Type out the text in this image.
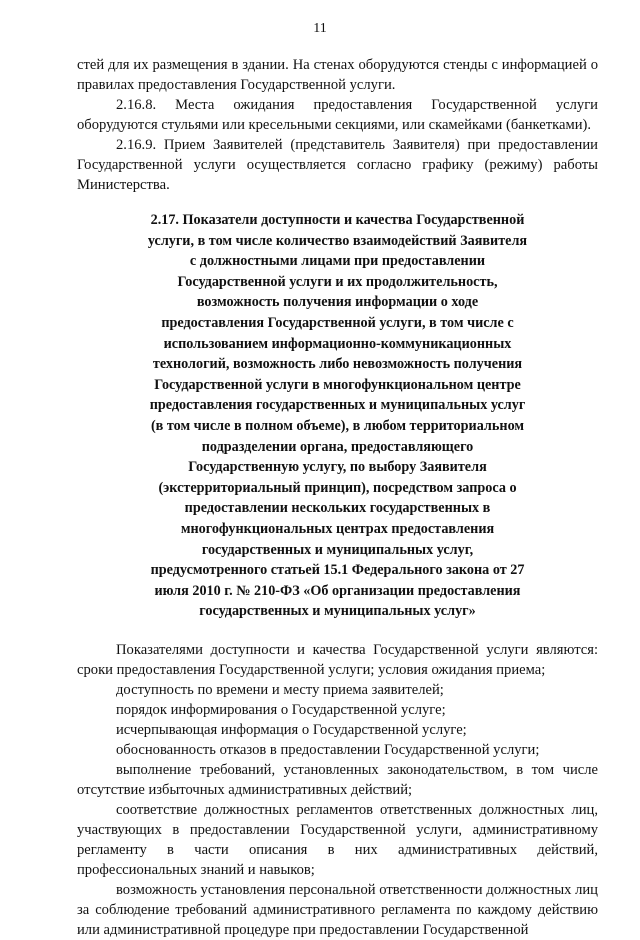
11

стей для их размещения в здании. На стенах оборудуются стенды с информацией о правилах предоставления Государственной услуги.

2.16.8. Места ожидания предоставления Государственной услуги оборудуются стульями или кресельными секциями, или скамейками (банкетками).

2.16.9. Прием Заявителей (представитель Заявителя) при предоставлении Государственной услуги осуществляется согласно графику (режиму) работы Министерства.

2.17. Показатели доступности и качества Государственной услуги, в том числе количество взаимодействий Заявителя с должностными лицами при предоставлении Государственной услуги и их продолжительность, возможность получения информации о ходе предоставления Государственной услуги, в том числе с использованием информационно-коммуникационных технологий, возможность либо невозможность получения Государственной услуги в многофункциональном центре предоставления государственных и муниципальных услуг (в том числе в полном объеме), в любом территориальном подразделении органа, предоставляющего Государственную услугу, по выбору Заявителя (экстерриториальный принцип), посредством запроса о предоставлении нескольких государственных в многофункциональных центрах предоставления государственных и муниципальных услуг, предусмотренного статьей 15.1 Федерального закона от 27 июля 2010 г. № 210-ФЗ «Об организации предоставления государственных и муниципальных услуг»

Показателями доступности и качества Государственной услуги являются: сроки предоставления Государственной услуги; условия ожидания приема;

доступность по времени и месту приема заявителей;

порядок информирования о Государственной услуге;

исчерпывающая информация о Государственной услуге;

обоснованность отказов в предоставлении Государственной услуги;

выполнение требований, установленных законодательством, в том числе отсутствие избыточных административных действий;

соответствие должностных регламентов ответственных должностных лиц, участвующих в предоставлении Государственной услуги, административному регламенту в части описания в них административных действий, профессиональных знаний и навыков;

возможность установления персональной ответственности должностных лиц за соблюдение требований административного регламента по каждому действию или административной процедуре при предоставлении Государственной
